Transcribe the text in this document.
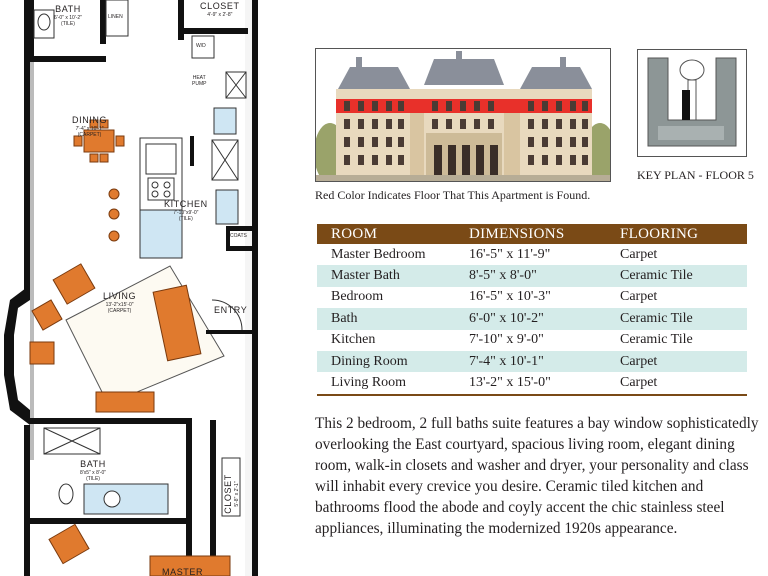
BATH
6'-0" x 10'-2"
(TILE)
LINEN
CLOSET
4'-9" x 2'-8"
W/D
HEAT
PUMP
DINING
7'-4" x 10'-1"
(CARPET)
KITCHEN
7'-10"x9'-0"
(TILE)
COATS
LIVING
13'-2"x15'-0"
(CARPET)	ENTRY
BATH
8'x5" x 8'-0"
(TILE)	CLOSET 5'-8" x 2'-1"
MASTER
Red Color Indicates Floor That This Apartment is Found.
KEY PLAN - FLOOR 5
ROOM	DIMENSIONS	FLOORING
Master Bedroom	16'-5" x 11'-9"	Carpet
Master Bath	8'-5" x 8'-0"	Ceramic Tile
Bedroom	16'-5" x 10'-3"	Carpet
Bath	6'-0" x 10'-2"	Ceramic Tile
Kitchen	7'-10" x 9'-0"	Ceramic Tile
Dining Room	7'-4" x 10'-1"	Carpet
Living Room	13'-2" x 15'-0"	Carpet
This 2 bedroom, 2 full baths suite features a bay window sophisticatedly overlooking the East courtyard, spacious living room, elegant dining room, walk-in closets and washer and dryer, your personality and class will inhabit every crevice you desire. Ceramic tiled kitchen and bathrooms flood the abode and coyly accent the chic stainless steel appliances, illuminating the modernized 1920s appearance.
